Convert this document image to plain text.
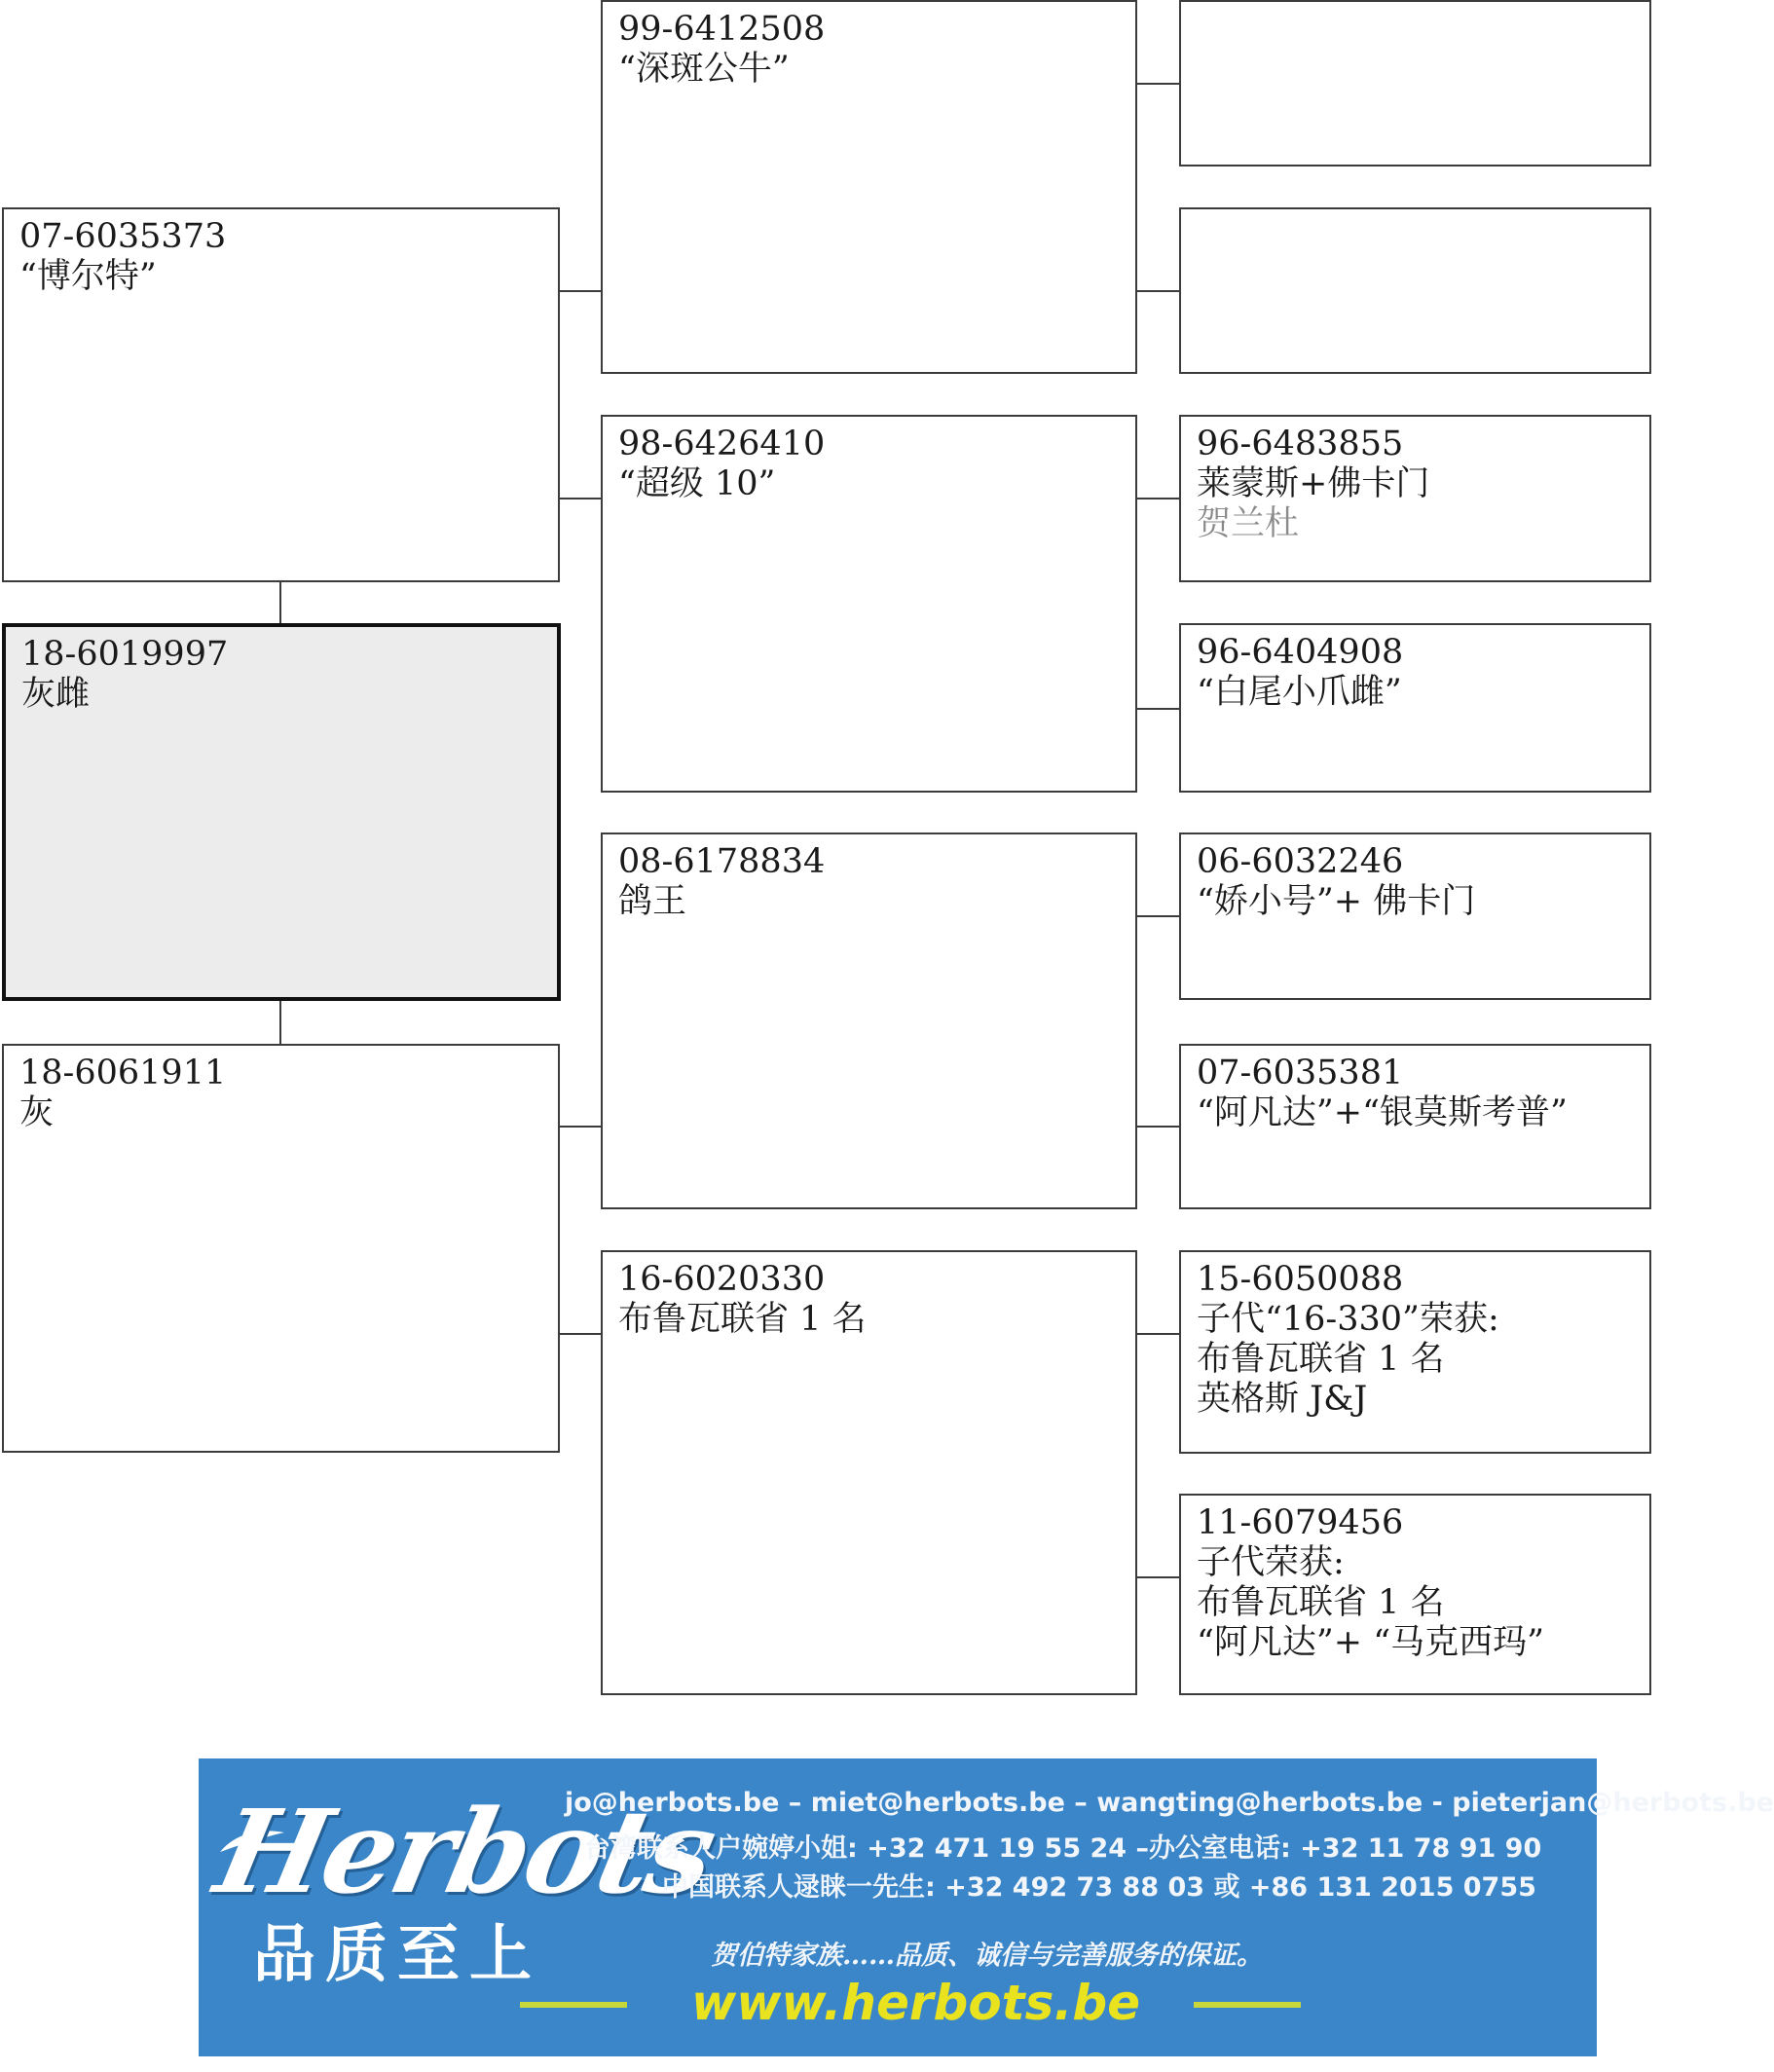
07-6035373
“博尔特”
18-6019997
灰雌
18-6061911
灰
99-6412508
“深斑公牛”
98-6426410
“超级 10”
08-6178834
鸽王
16-6020330
布鲁瓦联省 1 名
96-6483855
莱蒙斯+佛卡门
贺兰杜
96-6404908
“白尾小爪雌”
06-6032246
“娇小号”+ 佛卡门
07-6035381
“阿凡达”+“银莫斯考普”
15-6050088
子代“16-330”荣获:
布鲁瓦联省 1 名
英格斯 J&J
11-6079456
子代荣获:
布鲁瓦联省 1 名
“阿凡达”+ “马克西玛”
Herbots
品质至上
jo@herbots.be – miet@herbots.be – wangting@herbots.be - pieterjan@herbots.be
台湾联系人户婉婷小姐: +32 471 19 55 24 –办公室电话: +32 11 78 91 90
中国联系人逯睐一先生: +32 492 73 88 03 或 +86 131 2015 0755
贺伯特家族……品质、诚信与完善服务的保证。
www.herbots.be
